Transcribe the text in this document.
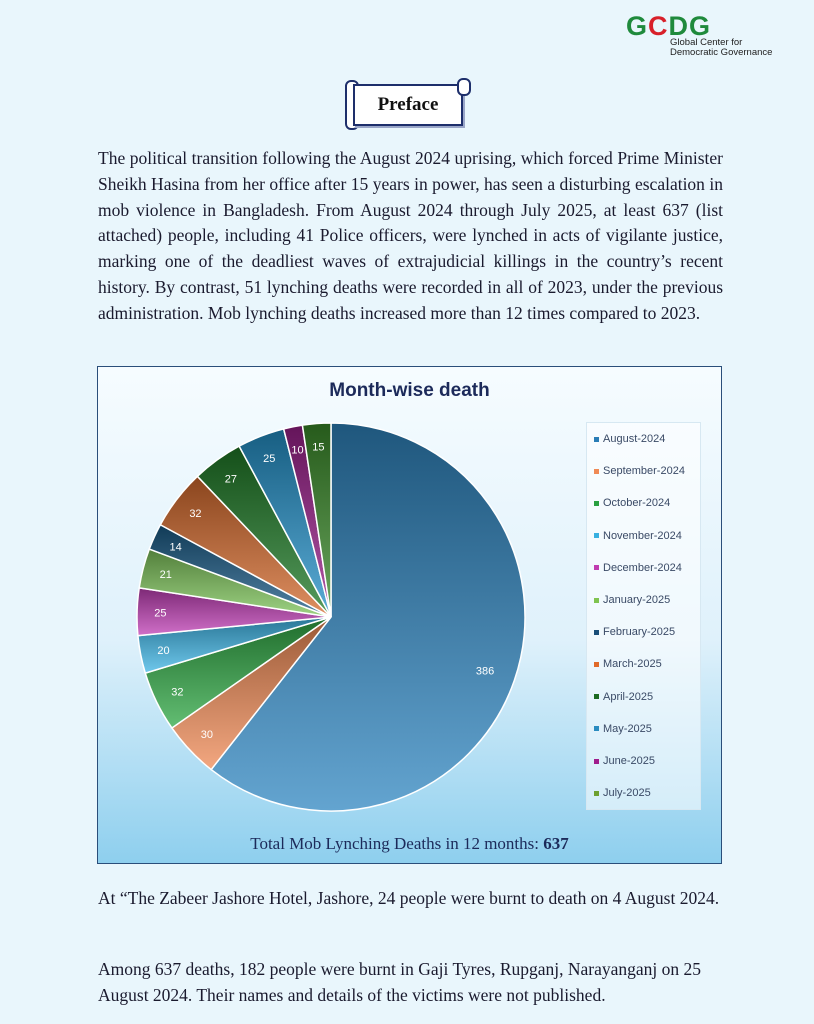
GCDG
Global Center for
Democratic Governance
Preface

The political transition following the August 2024 uprising, which forced Prime Minister Sheikh Hasina from her office after 15 years in power, has seen a disturbing escalation in mob violence in Bangladesh. From August 2024 through July 2025, at least 637 (list attached) people, including 41 Police officers, were lynched in acts of vigilante justice, marking one of the deadliest waves of extrajudicial killings in the country’s recent history. By contrast, 51 lynching deaths were recorded in all of 2023, under the previous administration. Mob lynching deaths increased more than 12 times compared to 2023.

Month-wise death
386
30
32
20
25
21
14
32
27
25
10 15
August-2024
September-2024
October-2024
November-2024
December-2024
January-2025
February-2025
March-2025
April-2025
May-2025
June-2025
July-2025
Total Mob Lynching Deaths in 12 months: 637

At “The Zabeer Jashore Hotel, Jashore, 24 people were burnt to death on 4 August 2024.

Among 637 deaths, 182 people were burnt in Gaji Tyres, Rupganj, Narayanganj on 25 August 2024. Their names and details of the victims were not published.
